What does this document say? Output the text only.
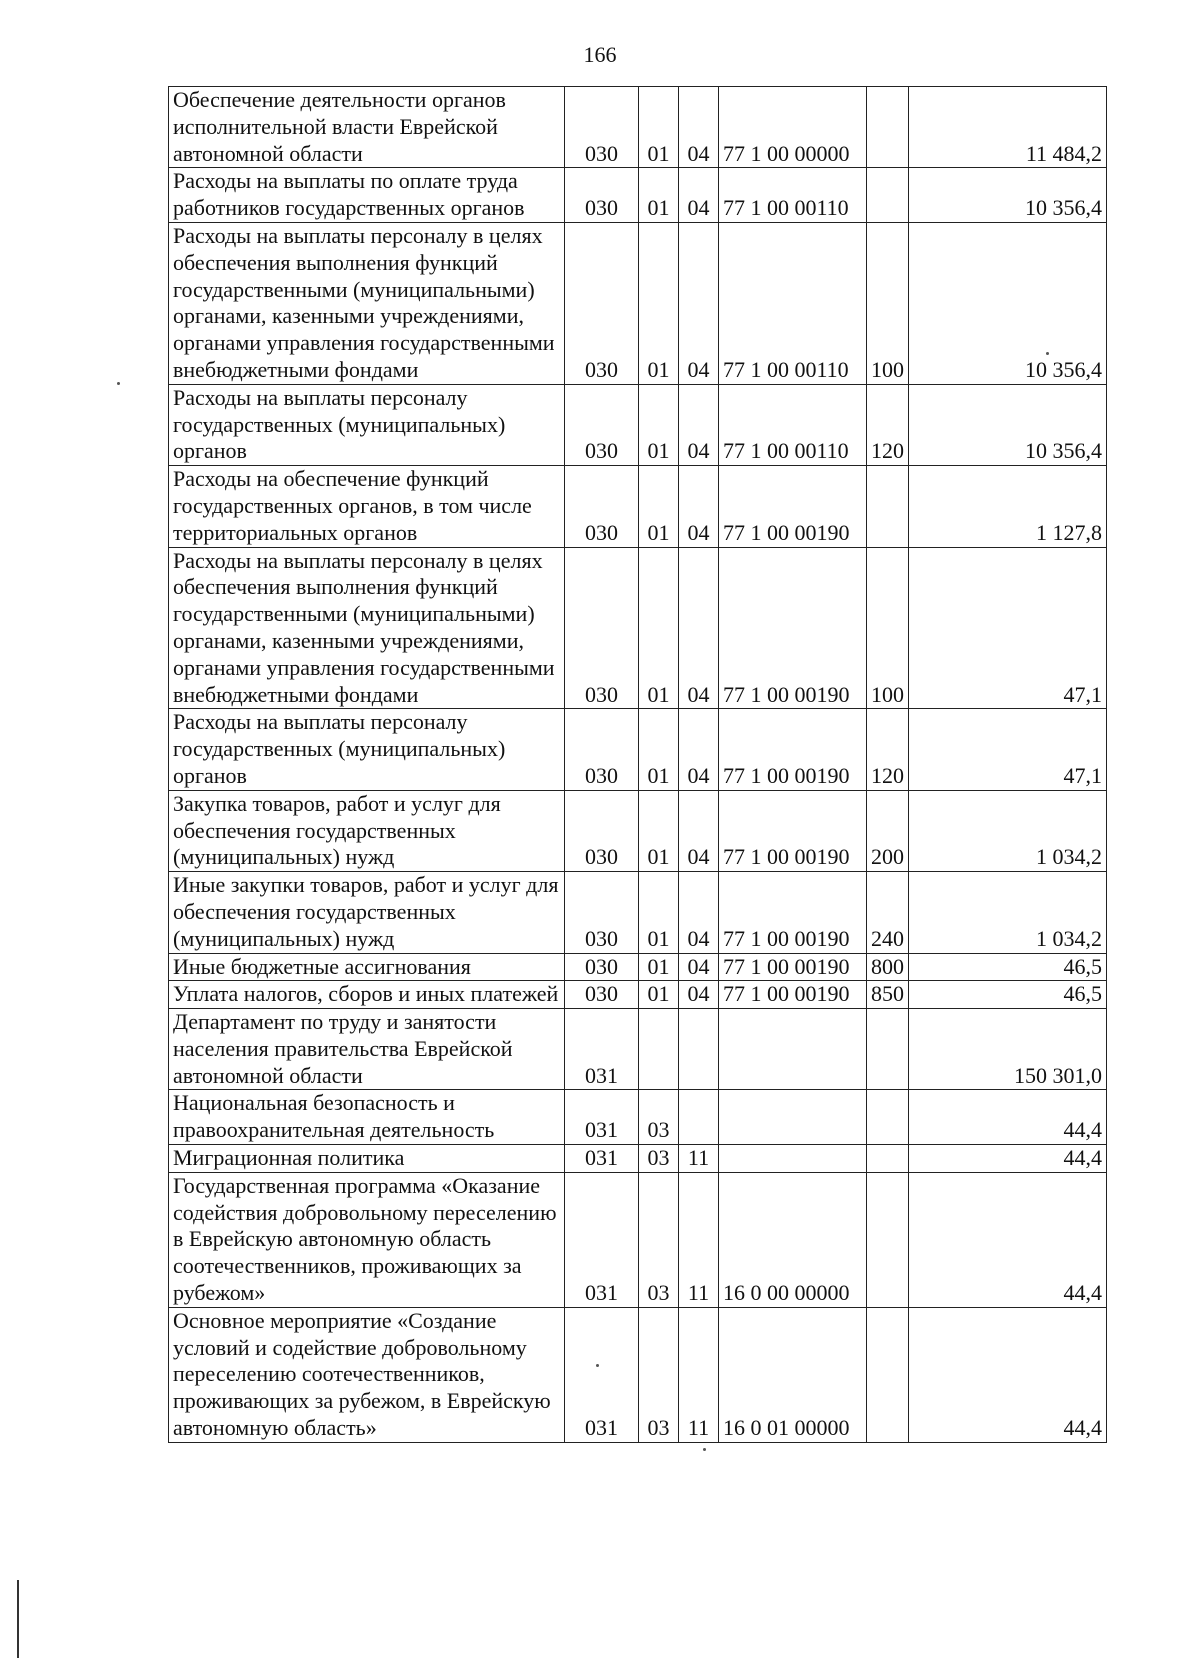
166
Обеспечение деятельности органов исполнительной власти Еврейской автономной области	030	01	04	77 1 00 00000		11 484,2
Расходы на выплаты по оплате труда работников государственных органов	030	01	04	77 1 00 00110		10 356,4
Расходы на выплаты персоналу в целях обеспечения выполнения функций государственными (муниципальными) органами, казенными учреждениями, органами управления государственными внебюджетными фондами	030	01	04	77 1 00 00110	100	10 356,4
Расходы на выплаты персоналу государственных (муниципальных) органов	030	01	04	77 1 00 00110	120	10 356,4
Расходы на обеспечение функций государственных органов, в том числе территориальных органов	030	01	04	77 1 00 00190		1 127,8
Расходы на выплаты персоналу в целях обеспечения выполнения функций государственными (муниципальными) органами, казенными учреждениями, органами управления государственными внебюджетными фондами	030	01	04	77 1 00 00190	100	47,1
Расходы на выплаты персоналу государственных (муниципальных) органов	030	01	04	77 1 00 00190	120	47,1
Закупка товаров, работ и услуг для обеспечения государственных (муниципальных) нужд	030	01	04	77 1 00 00190	200	1 034,2
Иные закупки товаров, работ и услуг для обеспечения государственных (муниципальных) нужд	030	01	04	77 1 00 00190	240	1 034,2
Иные бюджетные ассигнования	030	01	04	77 1 00 00190	800	46,5
Уплата налогов, сборов и иных платежей	030	01	04	77 1 00 00190	850	46,5
Департамент по труду и занятости населения правительства Еврейской автономной области	031					150 301,0
Национальная безопасность и правоохранительная деятельность	031	03				44,4
Миграционная политика	031	03	11			44,4
Государственная программа «Оказание содействия добровольному переселению в Еврейскую автономную область соотечественников, проживающих за рубежом»	031	03	11	16 0 00 00000		44,4
Основное мероприятие «Создание условий и содействие добровольному переселению соотечественников, проживающих за рубежом, в Еврейскую автономную область»	031	03	11	16 0 01 00000		44,4
